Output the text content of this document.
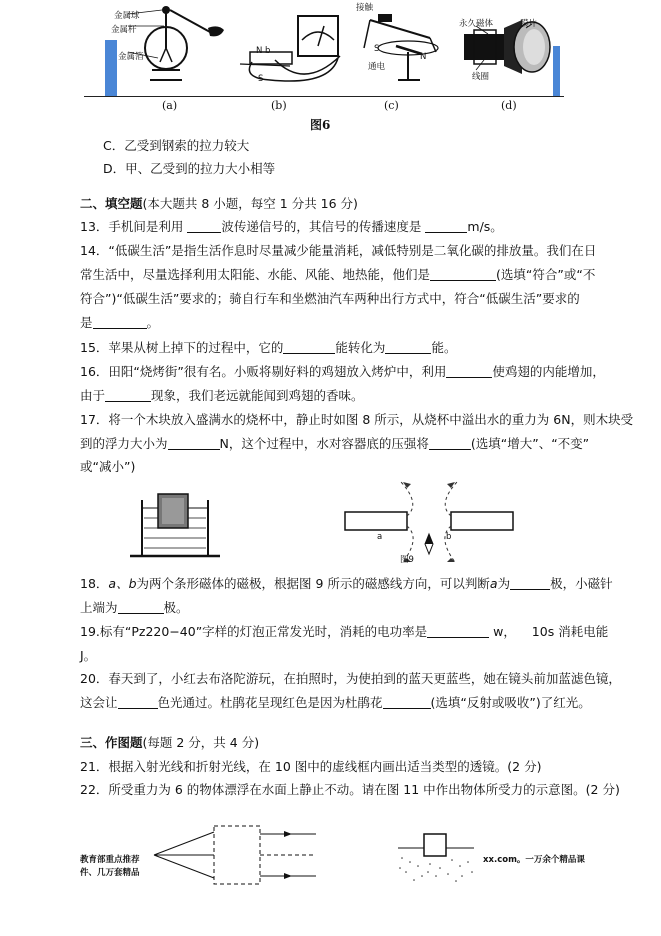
金属球
金属杆
金属箔
N b
S
接触
S
N
通电
永久磁体	膜片
线圈
(a)	(b)	(c)	(d)
图6
C．乙受到钢索的拉力较大
D．甲、乙受到的拉力大小相等
二、填空题(本大题共 8 小题，每空 1 分共 16 分)
13．手机间是利用	波传递信号的，其信号的传播速度是	m/s。
14．“低碳生活”是指生活作息时尽量减少能量消耗，减低特别是二氧化碳的排放量。我们在日
常生活中，尽量选择利用太阳能、水能、风能、地热能，他们是	(选填“符合”或“不
符合”)“低碳生活”要求的；骑自行车和坐燃油汽车两种出行方式中，符合“低碳生活”要求的
是	。
15．苹果从树上掉下的过程中，它的	能转化为	能。
16．田阳“烧烤街”很有名。小贩将剔好料的鸡翅放入烤炉中，利用	使鸡翅的内能增加，
由于	现象，我们老远就能闻到鸡翅的香味。
17．将一个木块放入盛满水的烧杯中，静止时如图 8 所示，从烧杯中溢出水的重力为 6N，则木块受
到的浮力大小为	N，这个过程中，水对容器底的压强将	(选填“增大”、“不变”
或“减小”)
a	b
图9
18．a、b为两个条形磁体的磁极，根据图 9 所示的磁感线方向，可以判断a为	极，小磁针
上端为	极。
19.标有“Pz220−40”字样的灯泡正常发光时，消耗的电功率是	w， 10s 消耗电能
J。
20．春天到了，小红去布洛陀游玩，在拍照时，为使拍到的蓝天更蓝些，她在镜头前加蓝滤色镜，
这会让	色光通过。杜鹃花呈现红色是因为杜鹃花	(选填“反射或吸收”)了红光。
三、作图题(每题 2 分，共 4 分)
21．根据入射光线和折射光线，在 10 图中的虚线框内画出适当类型的透镜。(2 分)
22．所受重力为 6 的物体漂浮在水面上静止不动。请在图 11 中作出物体所受力的示意图。(2 分)
教育部重点推荐
件、几万套精品
xx.com。一万余个精品课
